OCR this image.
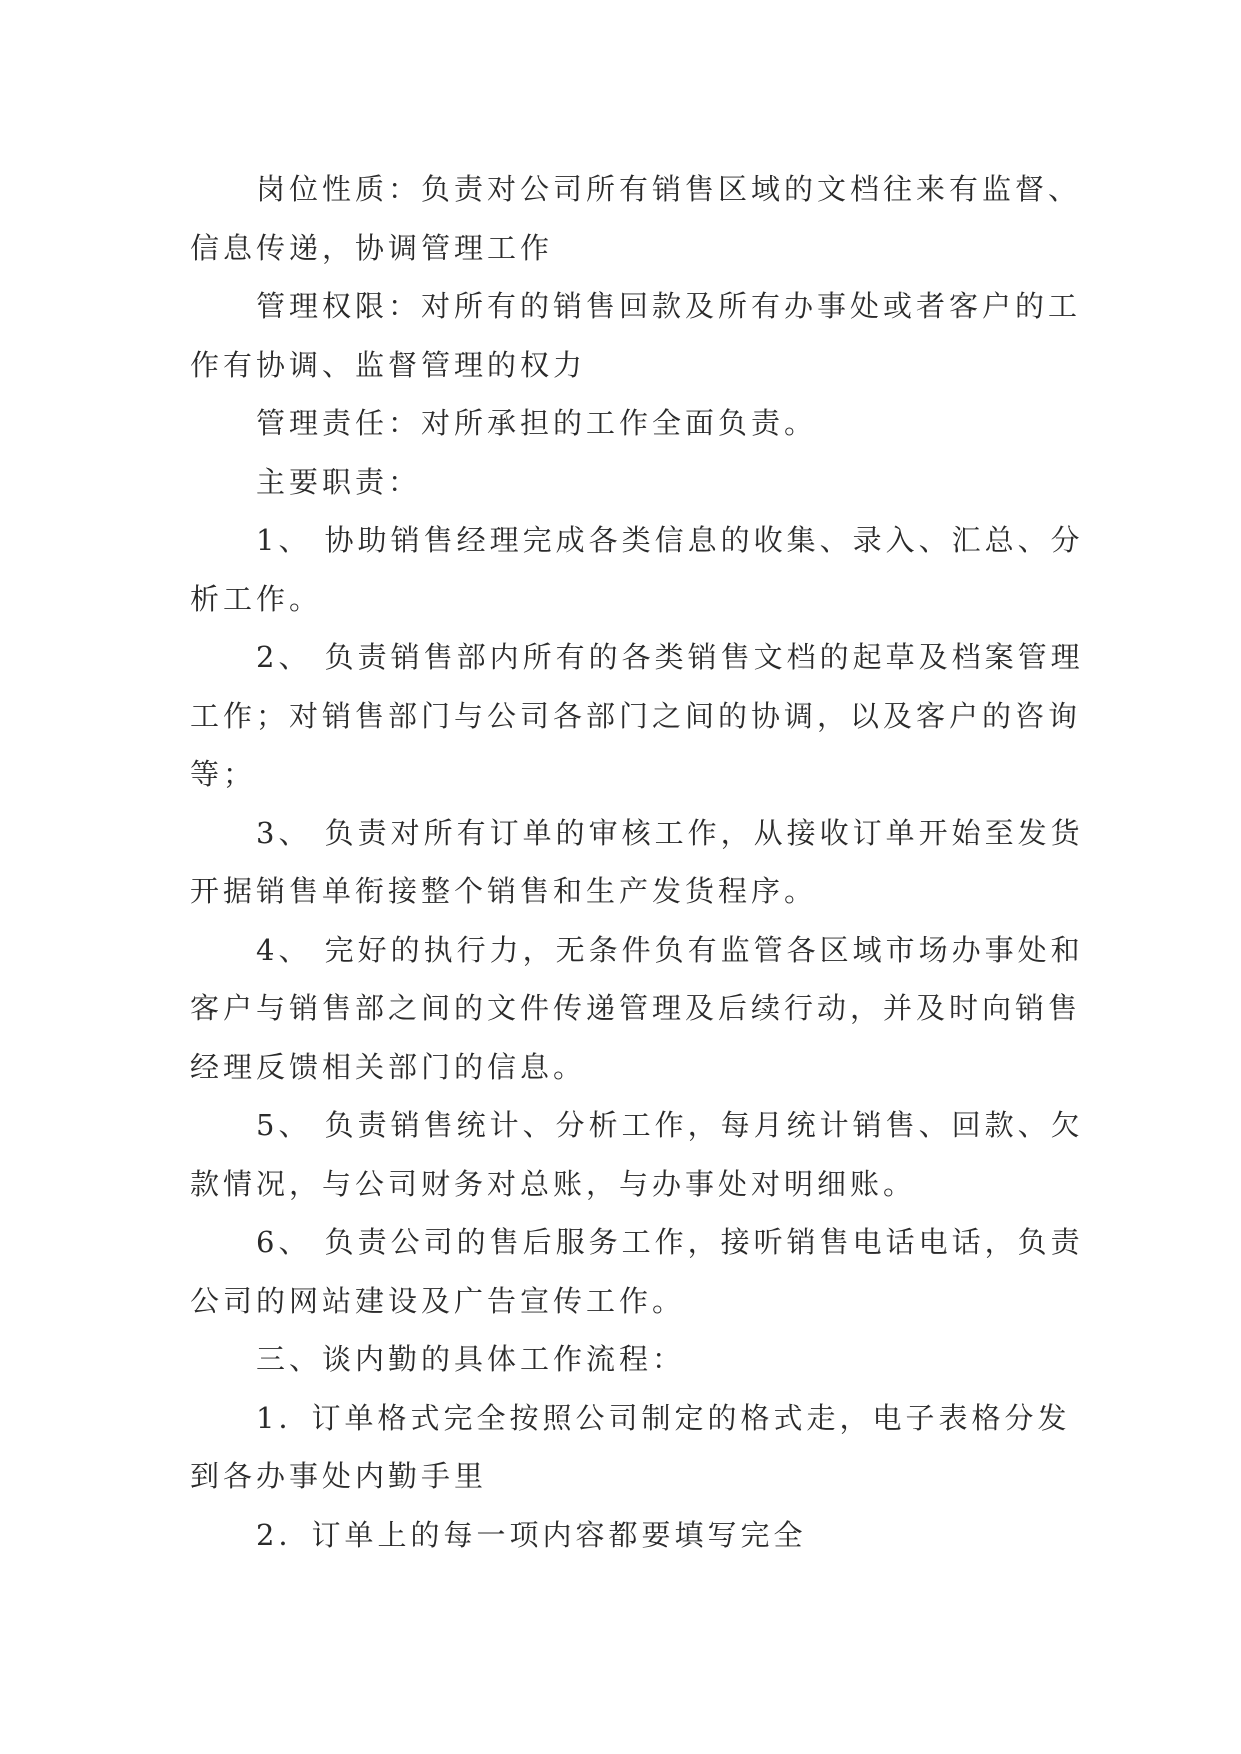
岗位性质：负责对公司所有销售区域的文档往来有监督、信息传递，协调管理工作

管理权限：对所有的销售回款及所有办事处或者客户的工作有协调、监督管理的权力

管理责任：对所承担的工作全面负责。

主要职责：

1、 协助销售经理完成各类信息的收集、录入、汇总、分析工作。

2、 负责销售部内所有的各类销售文档的起草及档案管理工作；对销售部门与公司各部门之间的协调，以及客户的咨询等；

3、 负责对所有订单的审核工作，从接收订单开始至发货开据销售单衔接整个销售和生产发货程序。

4、 完好的执行力，无条件负有监管各区域市场办事处和客户与销售部之间的文件传递管理及后续行动，并及时向销售经理反馈相关部门的信息。

5、 负责销售统计、分析工作，每月统计销售、回款、欠款情况，与公司财务对总账，与办事处对明细账。

6、 负责公司的售后服务工作，接听销售电话电话，负责公司的网站建设及广告宣传工作。

三、谈内勤的具体工作流程：

1．订单格式完全按照公司制定的格式走，电子表格分发到各办事处内勤手里

2．订单上的每一项内容都要填写完全
